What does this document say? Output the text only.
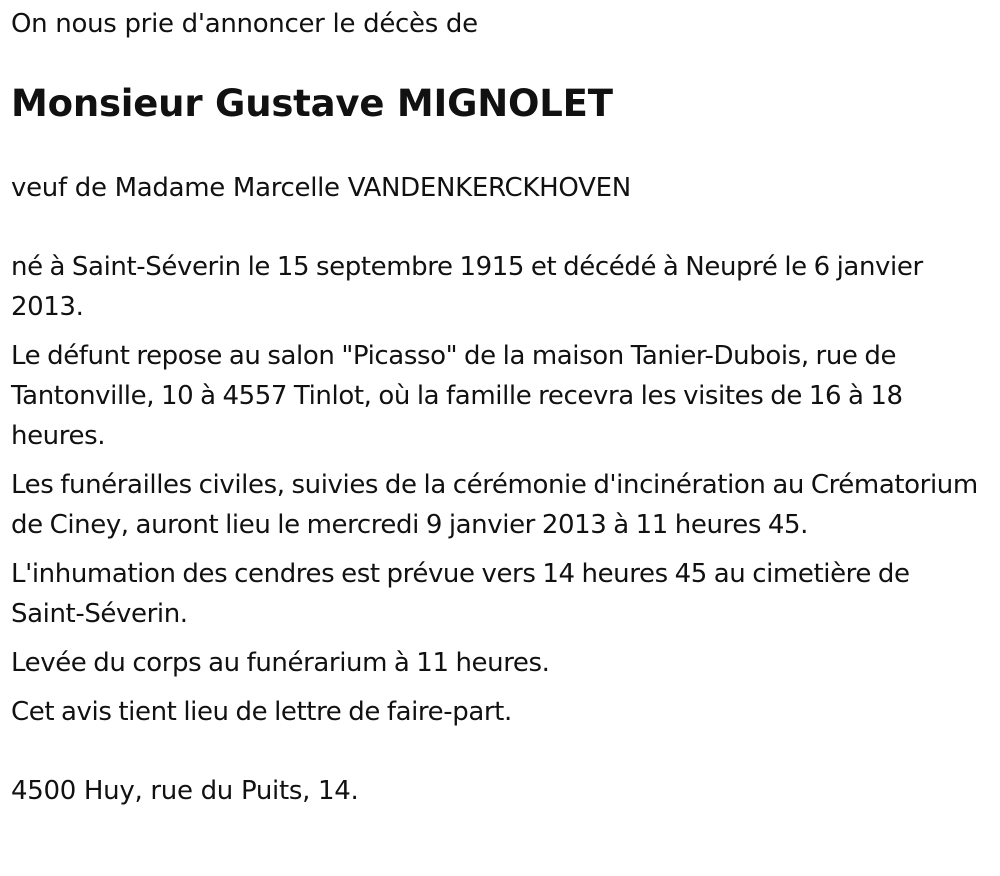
On nous prie d'annoncer le décès de

Monsieur Gustave MIGNOLET

veuf de Madame Marcelle VANDENKERCKHOVEN

né à Saint-Séverin le 15 septembre 1915 et décédé à Neupré le 6 janvier 2013.

Le défunt repose au salon "Picasso" de la maison Tanier-Dubois, rue de Tantonville, 10 à 4557 Tinlot, où la famille recevra les visites de 16 à 18 heures.

Les funérailles civiles, suivies de la cérémonie d'incinération au Crématorium de Ciney, auront lieu le mercredi 9 janvier 2013 à 11 heures 45.

L'inhumation des cendres est prévue vers 14 heures 45 au cimetière de Saint-Séverin.

Levée du corps au funérarium à 11 heures.

Cet avis tient lieu de lettre de faire-part.

4500 Huy, rue du Puits, 14.
